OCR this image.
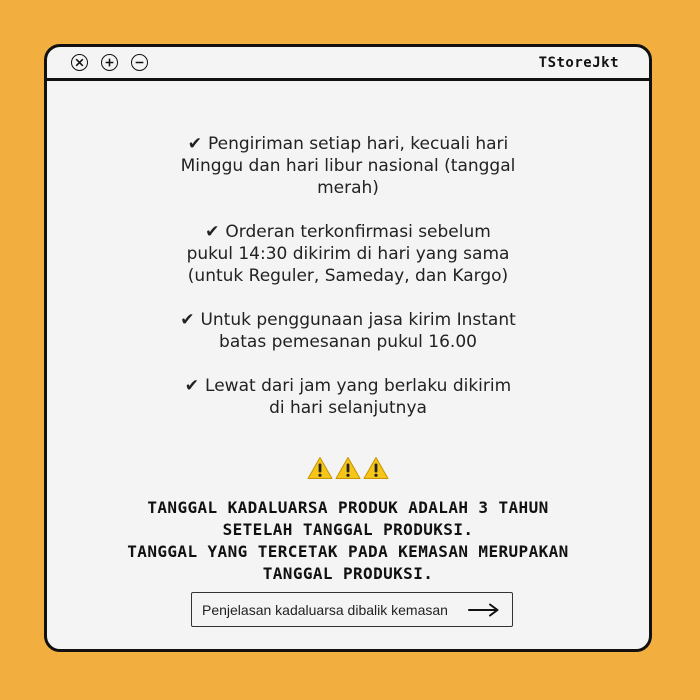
TStoreJkt
✔ Pengiriman setiap hari, kecuali hari
Minggu dan hari libur nasional (tanggal
merah)
✔ Orderan terkonfirmasi sebelum
pukul 14:30 dikirim di hari yang sama
(untuk Reguler, Sameday, dan Kargo)
✔ Untuk penggunaan jasa kirim Instant
batas pemesanan pukul 16.00
✔ Lewat dari jam yang berlaku dikirim
di hari selanjutnya
TANGGAL KADALUARSA PRODUK ADALAH 3 TAHUN
SETELAH TANGGAL PRODUKSI.
TANGGAL YANG TERCETAK PADA KEMASAN MERUPAKAN
TANGGAL PRODUKSI.
Penjelasan kadaluarsa dibalik kemasan
